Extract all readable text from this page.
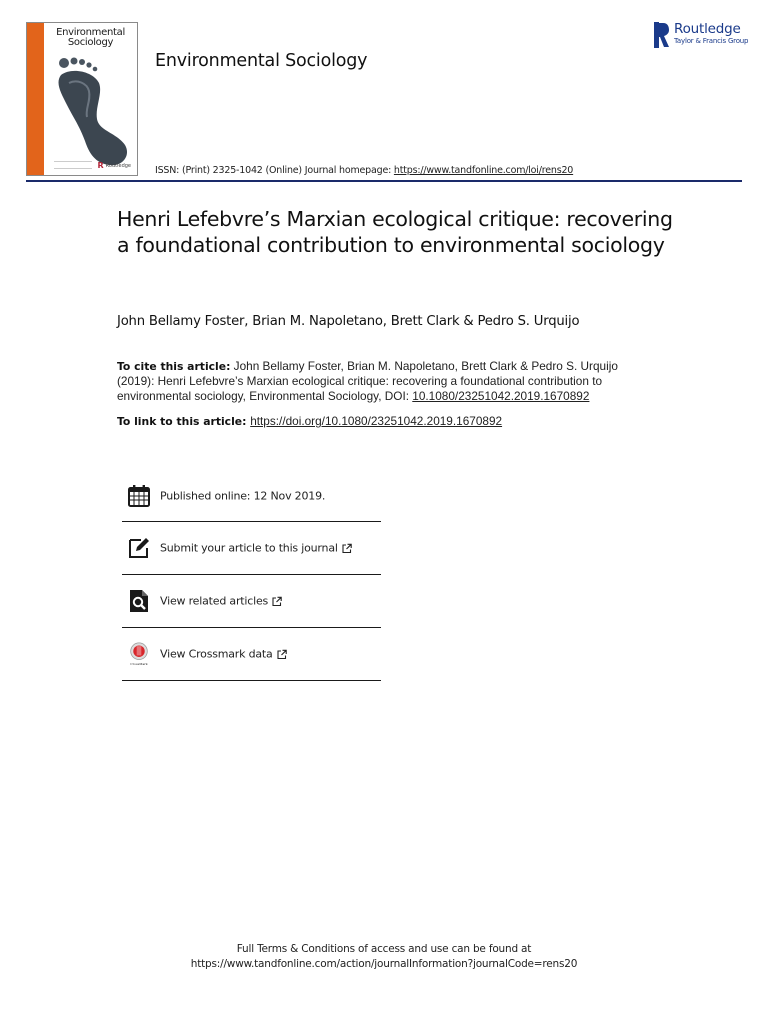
Environmental
Sociology
R Routledge
Environmental Sociology
ISSN: (Print) 2325-1042 (Online) Journal homepage: https://www.tandfonline.com/loi/rens20
Routledge
Taylor & Francis Group
Henri Lefebvre’s Marxian ecological critique: recovering a foundational contribution to environmental sociology
John Bellamy Foster, Brian M. Napoletano, Brett Clark & Pedro S. Urquijo
To cite this article: John Bellamy Foster, Brian M. Napoletano, Brett Clark & Pedro S. Urquijo (2019): Henri Lefebvre’s Marxian ecological critique: recovering a foundational contribution to environmental sociology, Environmental Sociology, DOI: 10.1080/23251042.2019.1670892
To link to this article: https://doi.org/10.1080/23251042.2019.1670892
Published online: 12 Nov 2019.
Submit your article to this journal
View related articles
CrossMark
View Crossmark data
Full Terms & Conditions of access and use can be found at
https://www.tandfonline.com/action/journalInformation?journalCode=rens20
